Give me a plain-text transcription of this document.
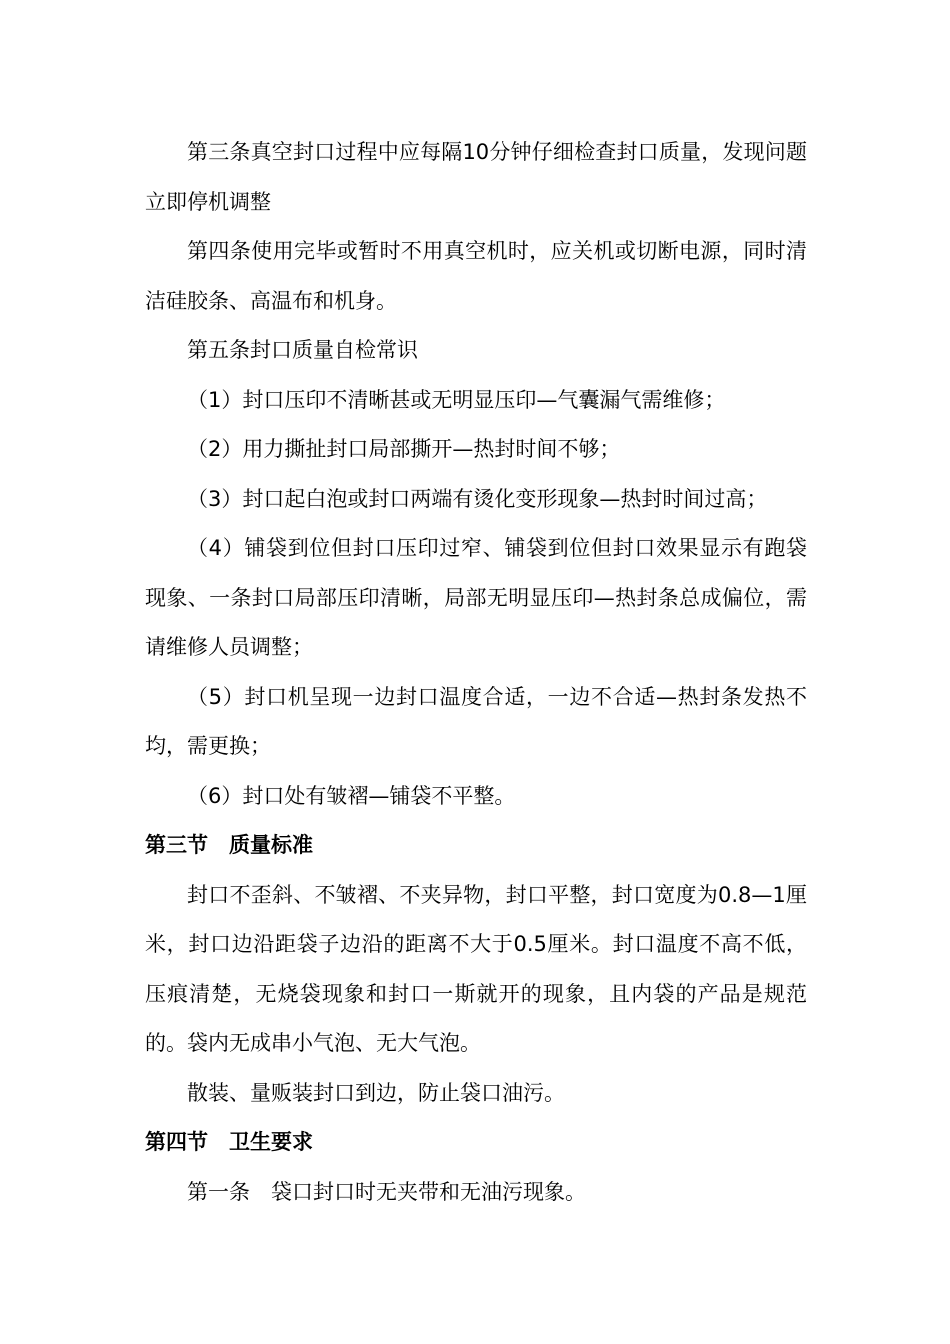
第三条真空封口过程中应每隔10分钟仔细检查封口质量，发现问题立即停机调整

第四条使用完毕或暂时不用真空机时，应关机或切断电源，同时清洁硅胶条、高温布和机身。

第五条封口质量自检常识

（1）封口压印不清晰甚或无明显压印—气囊漏气需维修；

（2）用力撕扯封口局部撕开—热封时间不够；

（3）封口起白泡或封口两端有烫化变形现象—热封时间过高；

（4）铺袋到位但封口压印过窄、铺袋到位但封口效果显示有跑袋现象、一条封口局部压印清晰，局部无明显压印—热封条总成偏位，需请维修人员调整；

（5）封口机呈现一边封口温度合适，一边不合适—热封条发热不均，需更换；

（6）封口处有皱褶—铺袋不平整。

第三节　质量标准

封口不歪斜、不皱褶、不夹异物，封口平整，封口宽度为0.8—1厘米，封口边沿距袋子边沿的距离不大于0.5厘米。封口温度不高不低，压痕清楚，无烧袋现象和封口一斯就开的现象，且内袋的产品是规范的。袋内无成串小气泡、无大气泡。

散装、量贩装封口到边，防止袋口油污。

第四节　卫生要求

第一条　袋口封口时无夹带和无油污现象。
